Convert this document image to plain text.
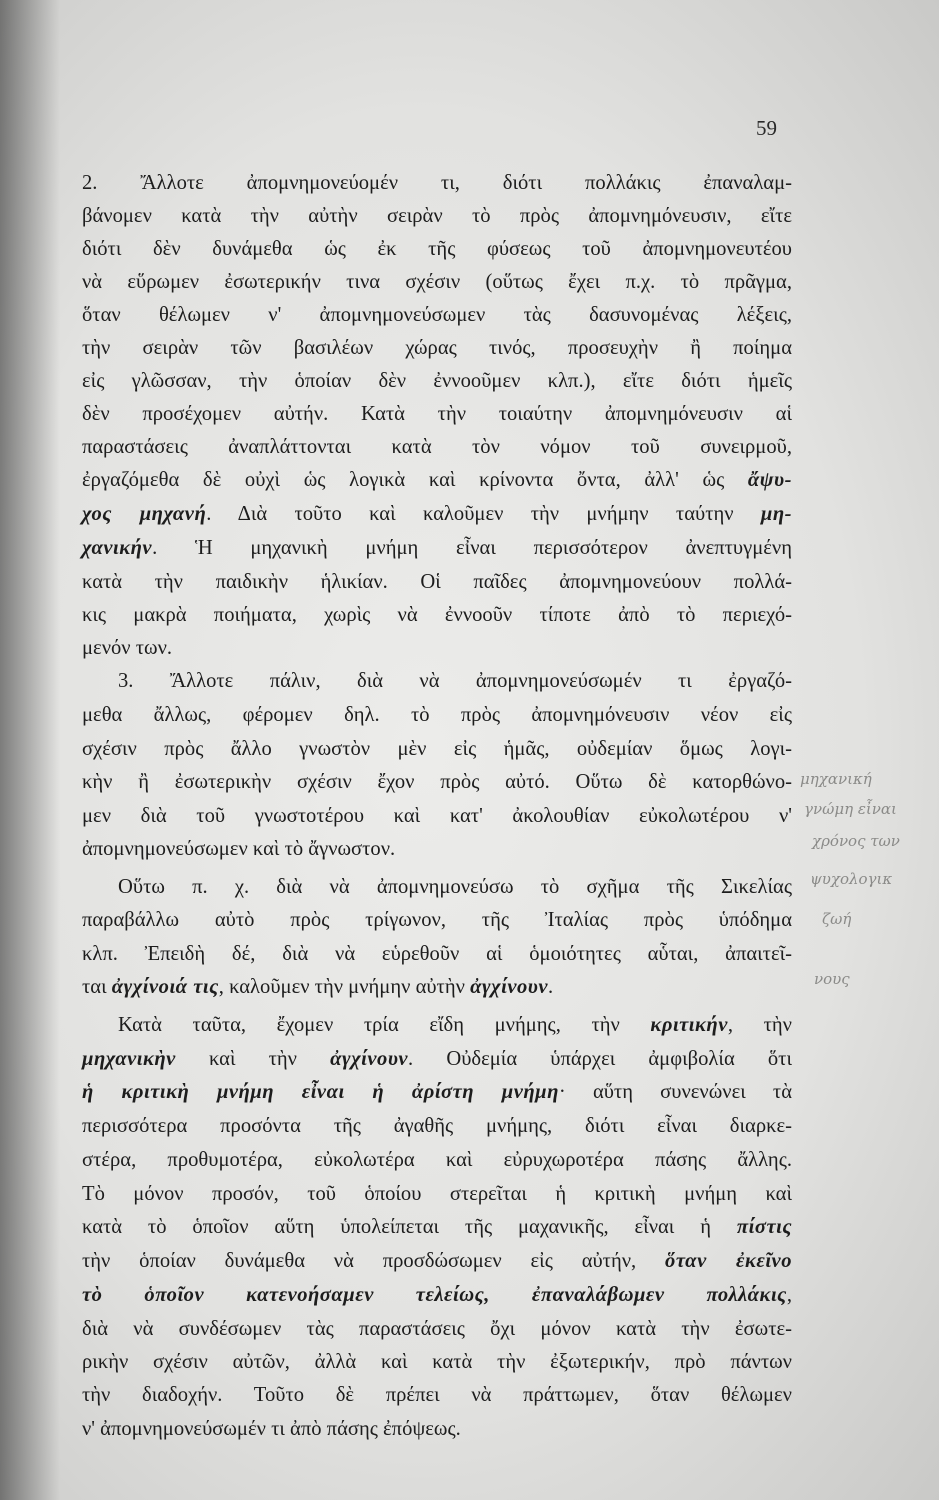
59
2. Ἄλλοτε ἀπομνημονεύομέν τι, διότι πολλάκις ἐπαναλαμ-
βάνομεν κατὰ τὴν αὐτὴν σειρὰν τὸ πρὸς ἀπομνημόνευσιν, εἴτε
διότι δὲν δυνάμεθα ὡς ἐκ τῆς φύσεως τοῦ ἀπομνημονευτέου
νὰ εὕρωμεν ἐσωτερικήν τινα σχέσιν (οὕτως ἔχει π.χ. τὸ πρᾶγμα,
ὅταν θέλωμεν ν' ἀπομνημονεύσωμεν τὰς δασυνομένας λέξεις,
τὴν σειρὰν τῶν βασιλέων χώρας τινός, προσευχὴν ἢ ποίημα
εἰς γλῶσσαν, τὴν ὁποίαν δὲν ἐννοοῦμεν κλπ.), εἴτε διότι ἡμεῖς
δὲν προσέχομεν αὐτήν. Κατὰ τὴν τοιαύτην ἀπομνημόνευσιν αἱ
παραστάσεις ἀναπλάττονται κατὰ τὸν νόμον τοῦ συνειρμοῦ,
ἐργαζόμεθα δὲ οὐχὶ ὡς λογικὰ καὶ κρίνοντα ὄντα, ἀλλ' ὡς ἄψυ-
χος μηχανή. Διὰ τοῦτο καὶ καλοῦμεν τὴν μνήμην ταύτην μη-
χανικήν. Ἡ μηχανικὴ μνήμη εἶναι περισσότερον ἀνεπτυγμένη
κατὰ τὴν παιδικὴν ἡλικίαν. Οἱ παῖδες ἀπομνημονεύουν πολλά-
κις μακρὰ ποιήματα, χωρὶς νὰ ἐννοοῦν τίποτε ἀπὸ τὸ περιεχό-
μενόν των.
3. Ἄλλοτε πάλιν, διὰ νὰ ἀπομνημονεύσωμέν τι ἐργαζό-
μεθα ἄλλως, φέρομεν δηλ. τὸ πρὸς ἀπομνημόνευσιν νέον εἰς
σχέσιν πρὸς ἄλλο γνωστὸν μὲν εἰς ἡμᾶς, οὐδεμίαν ὅμως λογι-
κὴν ἢ ἐσωτερικὴν σχέσιν ἔχον πρὸς αὐτό. Οὕτω δὲ κατορθώνο-
μεν διὰ τοῦ γνωστοτέρου καὶ κατ' ἀκολουθίαν εὐκολωτέρου ν'
ἀπομνημονεύσωμεν καὶ τὸ ἄγνωστον.
Οὕτω π. χ. διὰ νὰ ἀπομνημονεύσω τὸ σχῆμα τῆς Σικελίας
παραβάλλω αὐτὸ πρὸς τρίγωνον, τῆς Ἰταλίας πρὸς ὑπόδημα
κλπ. Ἐπειδὴ δέ, διὰ νὰ εὑρεθοῦν αἱ ὁμοιότητες αὗται, ἀπαιτεῖ-
ται ἀγχίνοιά τις, καλοῦμεν τὴν μνήμην αὐτὴν ἀγχίνουν.
Κατὰ ταῦτα, ἔχομεν τρία εἴδη μνήμης, τὴν κριτικήν, τὴν
μηχανικὴν καὶ τὴν ἀγχίνουν. Οὐδεμία ὑπάρχει ἀμφιβολία ὅτι
ἡ κριτικὴ μνήμη εἶναι ἡ ἀρίστη μνήμη· αὕτη συνενώνει τὰ
περισσότερα προσόντα τῆς ἀγαθῆς μνήμης, διότι εἶναι διαρκε-
στέρα, προθυμοτέρα, εὐκολωτέρα καὶ εὐρυχωροτέρα πάσης ἄλλης.
Τὸ μόνον προσόν, τοῦ ὁποίου στερεῖται ἡ κριτικὴ μνήμη καὶ
κατὰ τὸ ὁποῖον αὕτη ὑπολείπεται τῆς μαχανικῆς, εἶναι ἡ πίστις
τὴν ὁποίαν δυνάμεθα νὰ προσδώσωμεν εἰς αὐτήν, ὅταν ἐκεῖνο
τὸ ὁποῖον κατενοήσαμεν τελείως, ἐπαναλάβωμεν πολλάκις,
διὰ νὰ συνδέσωμεν τὰς παραστάσεις ὄχι μόνον κατὰ τὴν ἐσωτε-
ρικὴν σχέσιν αὐτῶν, ἀλλὰ καὶ κατὰ τὴν ἐξωτερικήν, πρὸ πάντων
τὴν διαδοχήν. Τοῦτο δὲ πρέπει νὰ πράττωμεν, ὅταν θέλωμεν
ν' ἀπομνημονεύσωμέν τι ἀπὸ πάσης ἐπόψεως.
μηχανική
γνώμη εἶναι
χρόνος των
ψυχολογικ
ζωή
νους
